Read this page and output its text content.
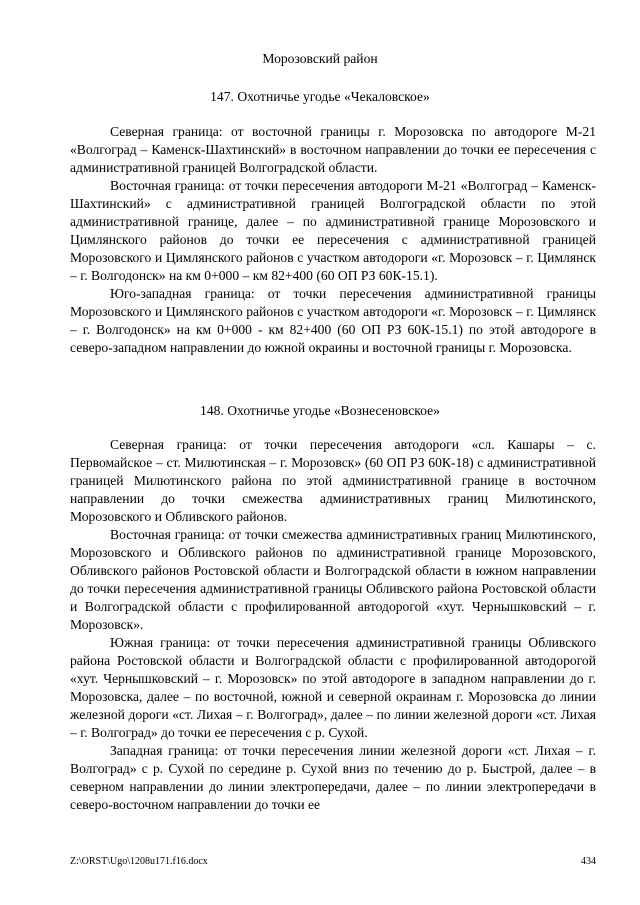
Морозовский район
147. Охотничье угодье «Чекаловское»

Северная граница: от восточной границы г. Морозовска по автодороге М-21 «Волгоград – Каменск-Шахтинский» в восточном направлении до точки ее пересечения с административной границей Волгоградской области.

Восточная граница: от точки пересечения автодороги М-21 «Волгоград – Каменск-Шахтинский» с административной границей Волгоградской области по этой административной границе, далее – по административной границе Морозовского и Цимлянского районов до точки ее пересечения с административной границей Морозовского и Цимлянского районов с участком автодороги «г. Морозовск – г. Цимлянск – г. Волгодонск» на км 0+000 – км 82+400 (60 ОП РЗ 60К-15.1).

Юго-западная граница: от точки пересечения административной границы Морозовского и Цимлянского районов с участком автодороги «г. Морозовск – г. Цимлянск – г. Волгодонск» на км 0+000 - км 82+400 (60 ОП РЗ 60К-15.1) по этой автодороге в северо-западном направлении до южной окраины и восточной границы г. Морозовска.

148. Охотничье угодье «Вознесеновское»

Северная граница: от точки пересечения автодороги «сл. Кашары – с. Первомайское – ст. Милютинская – г. Морозовск» (60 ОП РЗ 60К-18) с административной границей Милютинского района по этой административной границе в восточном направлении до точки смежества административных границ Милютинского, Морозовского и Обливского районов.

Восточная граница: от точки смежества административных границ Милютинского, Морозовского и Обливского районов по административной границе Морозовского, Обливского районов Ростовской области и Волгоградской области в южном направлении до точки пересечения административной границы Обливского района Ростовской области и Волгоградской области с профилированной автодорогой «хут. Чернышковский – г. Морозовск».

Южная граница: от точки пересечения административной границы Обливского района Ростовской области и Волгоградской области с профилированной автодорогой «хут. Чернышковский – г. Морозовск» по этой автодороге в западном направлении до г. Морозовска, далее – по восточной, южной и северной окраинам г. Морозовска до линии железной дороги «ст. Лихая – г. Волгоград», далее – по линии железной дороги «ст. Лихая – г. Волгоград» до точки ее пересечения с р. Сухой.

Западная граница: от точки пересечения линии железной дороги «ст. Лихая – г. Волгоград» с р. Сухой по середине р. Сухой вниз по течению до р. Быстрой, далее – в северном направлении до линии электропередачи, далее – по линии электропередачи в северо-восточном направлении до точки ее

Z:\ORST\Ugo\1208u171.f16.docx	434
